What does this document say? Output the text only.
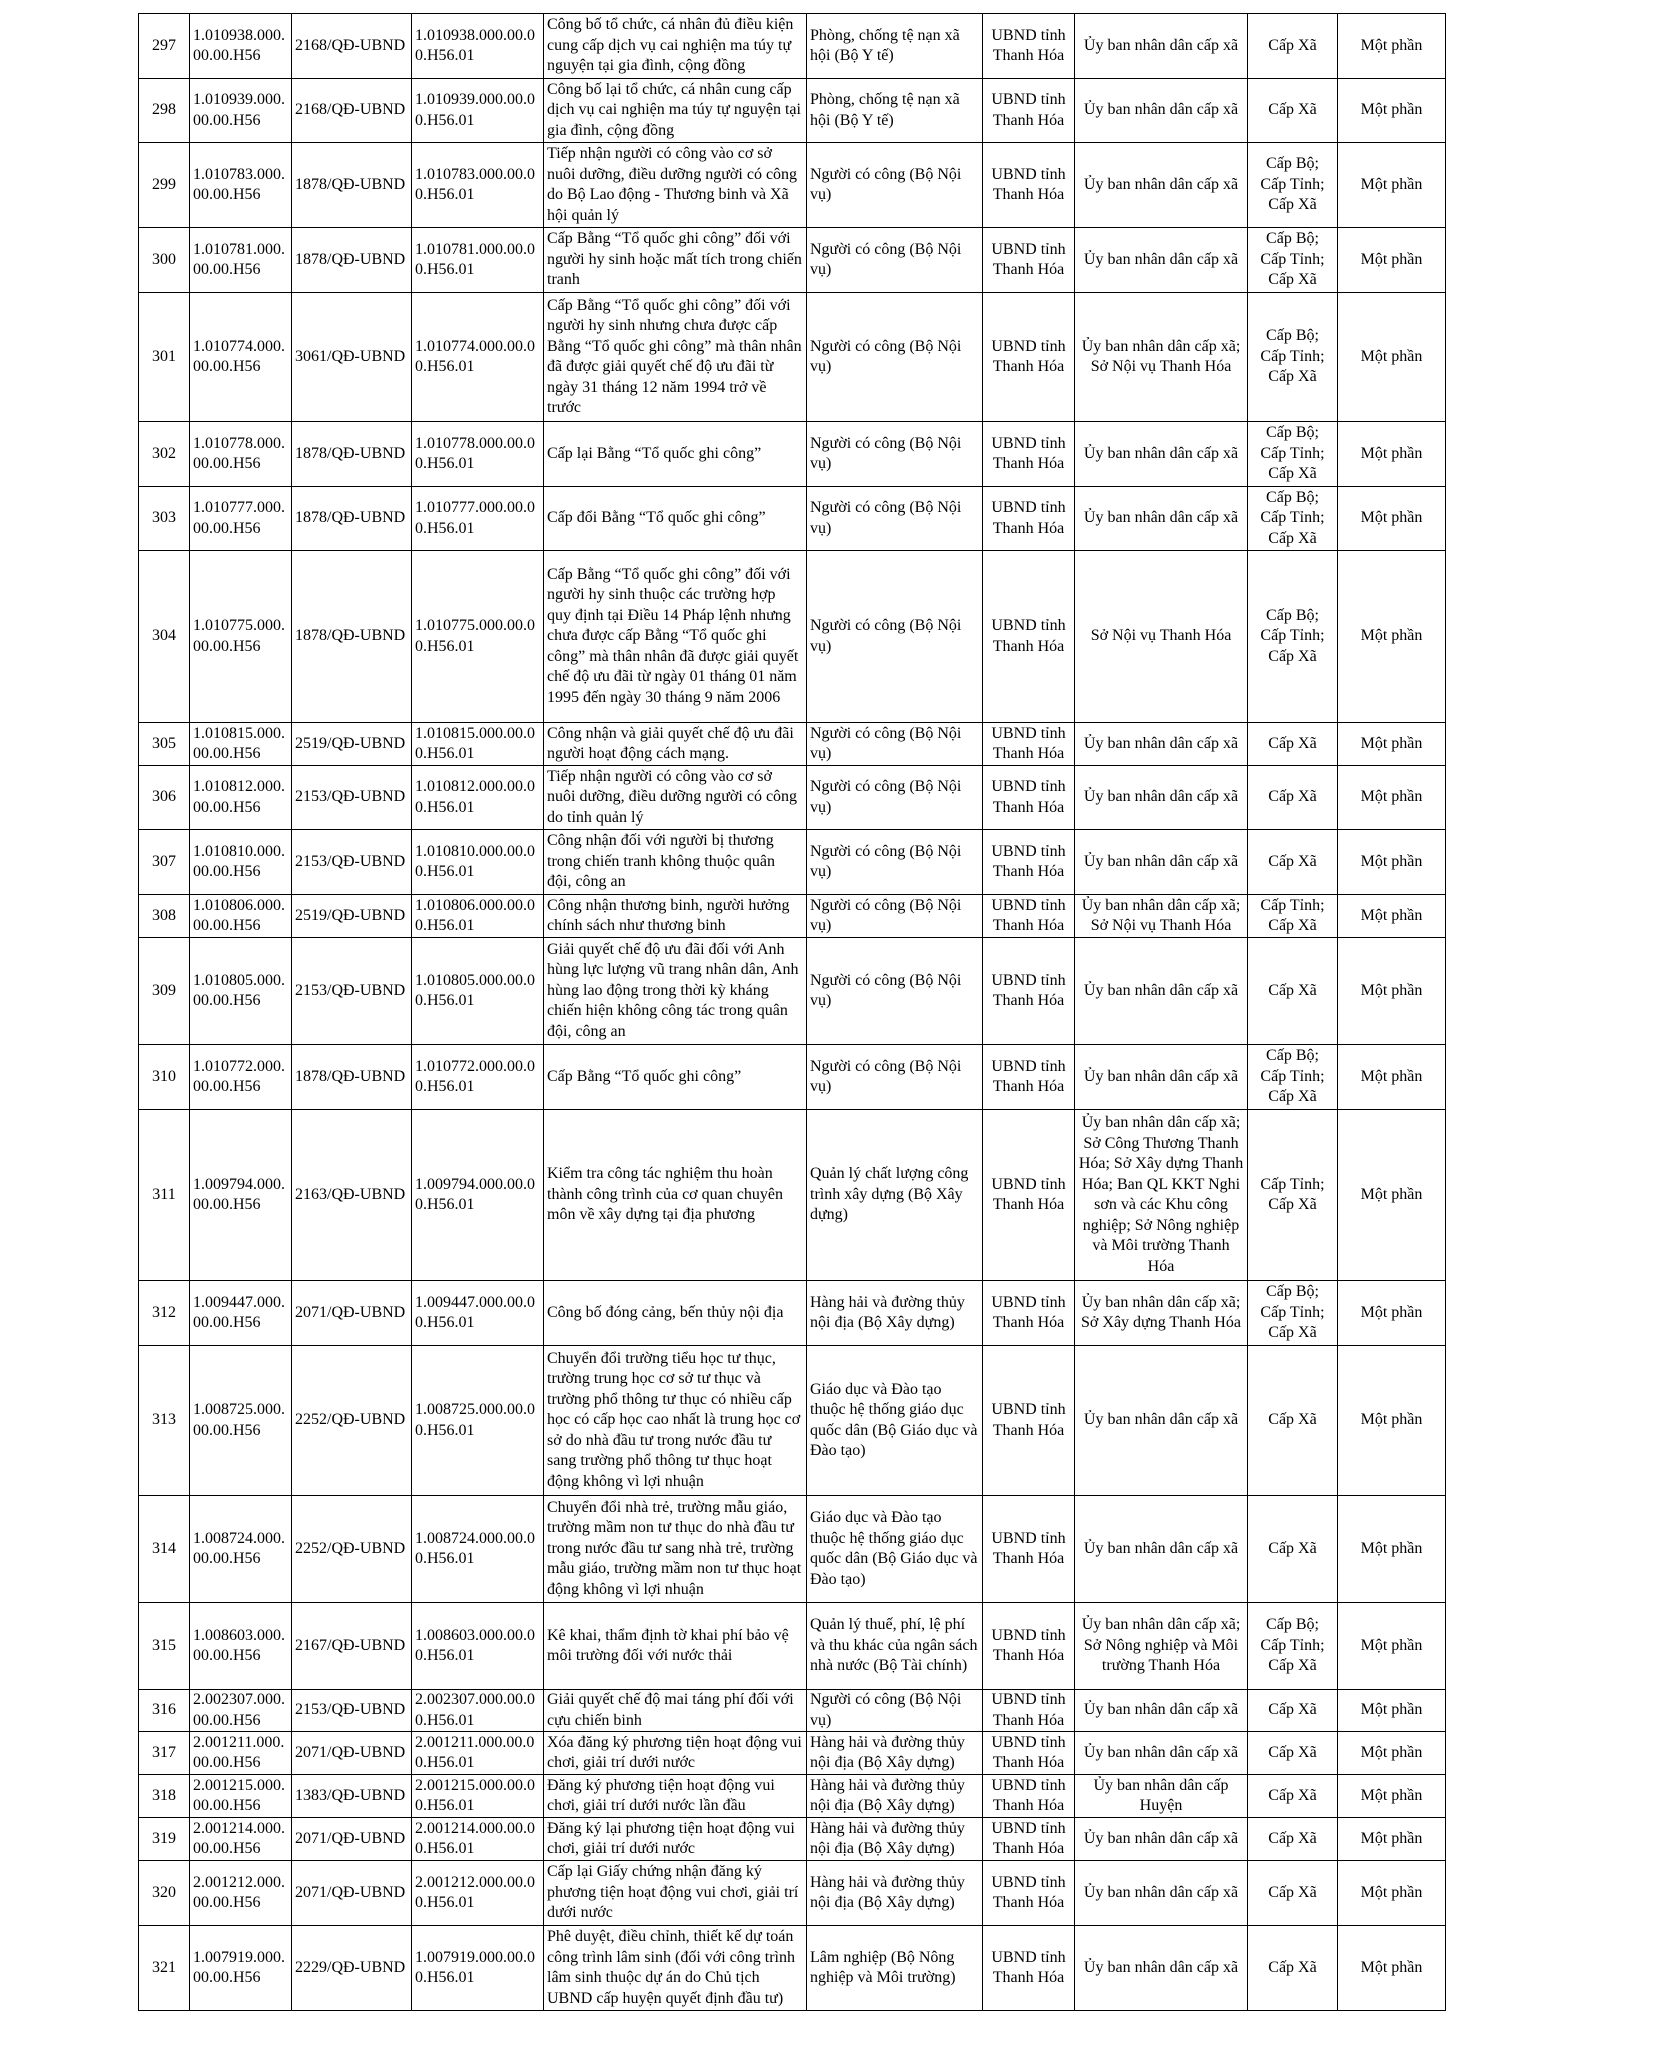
297	1.010938.000.00.00.H56	2168/QĐ-UBND	1.010938.000.00.00.H56.01	Công bố tổ chức, cá nhân đủ điều kiện cung cấp dịch vụ cai nghiện ma túy tự nguyện tại gia đình, cộng đồng	Phòng, chống tệ nạn xã hội (Bộ Y tế)	UBND tỉnh Thanh Hóa	Ủy ban nhân dân cấp xã	Cấp Xã	Một phần
298	1.010939.000.00.00.H56	2168/QĐ-UBND	1.010939.000.00.00.H56.01	Công bố lại tổ chức, cá nhân cung cấp dịch vụ cai nghiện ma túy tự nguyện tại gia đình, cộng đồng	Phòng, chống tệ nạn xã hội (Bộ Y tế)	UBND tỉnh Thanh Hóa	Ủy ban nhân dân cấp xã	Cấp Xã	Một phần
299	1.010783.000.00.00.H56	1878/QĐ-UBND	1.010783.000.00.00.H56.01	Tiếp nhận người có công vào cơ sở nuôi dưỡng, điều dưỡng người có công do Bộ Lao động - Thương binh và Xã hội quản lý	Người có công (Bộ Nội vụ)	UBND tỉnh Thanh Hóa	Ủy ban nhân dân cấp xã	Cấp Bộ; Cấp Tỉnh; Cấp Xã	Một phần
300	1.010781.000.00.00.H56	1878/QĐ-UBND	1.010781.000.00.00.H56.01	Cấp Bằng “Tổ quốc ghi công” đối với người hy sinh hoặc mất tích trong chiến tranh	Người có công (Bộ Nội vụ)	UBND tỉnh Thanh Hóa	Ủy ban nhân dân cấp xã	Cấp Bộ; Cấp Tỉnh; Cấp Xã	Một phần
301	1.010774.000.00.00.H56	3061/QĐ-UBND	1.010774.000.00.00.H56.01	Cấp Bằng “Tổ quốc ghi công” đối với người hy sinh nhưng chưa được cấp Bằng “Tổ quốc ghi công” mà thân nhân đã được giải quyết chế độ ưu đãi từ ngày 31 tháng 12 năm 1994 trở về trước	Người có công (Bộ Nội vụ)	UBND tỉnh Thanh Hóa	Ủy ban nhân dân cấp xã; Sở Nội vụ Thanh Hóa	Cấp Bộ; Cấp Tỉnh; Cấp Xã	Một phần
302	1.010778.000.00.00.H56	1878/QĐ-UBND	1.010778.000.00.00.H56.01	Cấp lại Bằng “Tổ quốc ghi công”	Người có công (Bộ Nội vụ)	UBND tỉnh Thanh Hóa	Ủy ban nhân dân cấp xã	Cấp Bộ; Cấp Tỉnh; Cấp Xã	Một phần
303	1.010777.000.00.00.H56	1878/QĐ-UBND	1.010777.000.00.00.H56.01	Cấp đổi Bằng “Tổ quốc ghi công”	Người có công (Bộ Nội vụ)	UBND tỉnh Thanh Hóa	Ủy ban nhân dân cấp xã	Cấp Bộ; Cấp Tỉnh; Cấp Xã	Một phần
304	1.010775.000.00.00.H56	1878/QĐ-UBND	1.010775.000.00.00.H56.01	Cấp Bằng “Tổ quốc ghi công” đối với người hy sinh thuộc các trường hợp quy định tại Điều 14 Pháp lệnh nhưng chưa được cấp Bằng “Tổ quốc ghi công” mà thân nhân đã được giải quyết chế độ ưu đãi từ ngày 01 tháng 01 năm 1995 đến ngày 30 tháng 9 năm 2006	Người có công (Bộ Nội vụ)	UBND tỉnh Thanh Hóa	Sở Nội vụ Thanh Hóa	Cấp Bộ; Cấp Tỉnh; Cấp Xã	Một phần
305	1.010815.000.00.00.H56	2519/QĐ-UBND	1.010815.000.00.00.H56.01	Công nhận và giải quyết chế độ ưu đãi người hoạt động cách mạng.	Người có công (Bộ Nội vụ)	UBND tỉnh Thanh Hóa	Ủy ban nhân dân cấp xã	Cấp Xã	Một phần
306	1.010812.000.00.00.H56	2153/QĐ-UBND	1.010812.000.00.00.H56.01	Tiếp nhận người có công vào cơ sở nuôi dưỡng, điều dưỡng người có công do tỉnh quản lý	Người có công (Bộ Nội vụ)	UBND tỉnh Thanh Hóa	Ủy ban nhân dân cấp xã	Cấp Xã	Một phần
307	1.010810.000.00.00.H56	2153/QĐ-UBND	1.010810.000.00.00.H56.01	Công nhận đối với người bị thương trong chiến tranh không thuộc quân đội, công an	Người có công (Bộ Nội vụ)	UBND tỉnh Thanh Hóa	Ủy ban nhân dân cấp xã	Cấp Xã	Một phần
308	1.010806.000.00.00.H56	2519/QĐ-UBND	1.010806.000.00.00.H56.01	Công nhận thương binh, người hưởng chính sách như thương binh	Người có công (Bộ Nội vụ)	UBND tỉnh Thanh Hóa	Ủy ban nhân dân cấp xã; Sở Nội vụ Thanh Hóa	Cấp Tỉnh; Cấp Xã	Một phần
309	1.010805.000.00.00.H56	2153/QĐ-UBND	1.010805.000.00.00.H56.01	Giải quyết chế độ ưu đãi đối với Anh hùng lực lượng vũ trang nhân dân, Anh hùng lao động trong thời kỳ kháng chiến hiện không công tác trong quân đội, công an	Người có công (Bộ Nội vụ)	UBND tỉnh Thanh Hóa	Ủy ban nhân dân cấp xã	Cấp Xã	Một phần
310	1.010772.000.00.00.H56	1878/QĐ-UBND	1.010772.000.00.00.H56.01	Cấp Bằng “Tổ quốc ghi công”	Người có công (Bộ Nội vụ)	UBND tỉnh Thanh Hóa	Ủy ban nhân dân cấp xã	Cấp Bộ; Cấp Tỉnh; Cấp Xã	Một phần
311	1.009794.000.00.00.H56	2163/QĐ-UBND	1.009794.000.00.00.H56.01	Kiểm tra công tác nghiệm thu hoàn thành công trình của cơ quan chuyên môn về xây dựng tại địa phương	Quản lý chất lượng công trình xây dựng (Bộ Xây dựng)	UBND tỉnh Thanh Hóa	Ủy ban nhân dân cấp xã; Sở Công Thương Thanh Hóa; Sở Xây dựng Thanh Hóa; Ban QL KKT Nghi sơn và các Khu công nghiệp; Sở Nông nghiệp và Môi trường Thanh Hóa	Cấp Tỉnh; Cấp Xã	Một phần
312	1.009447.000.00.00.H56	2071/QĐ-UBND	1.009447.000.00.00.H56.01	Công bố đóng cảng, bến thủy nội địa	Hàng hải và đường thủy nội địa (Bộ Xây dựng)	UBND tỉnh Thanh Hóa	Ủy ban nhân dân cấp xã; Sở Xây dựng Thanh Hóa	Cấp Bộ; Cấp Tỉnh; Cấp Xã	Một phần
313	1.008725.000.00.00.H56	2252/QĐ-UBND	1.008725.000.00.00.H56.01	Chuyển đổi trường tiểu học tư thục, trường trung học cơ sở tư thục và trường phổ thông tư thục có nhiều cấp học có cấp học cao nhất là trung học cơ sở do nhà đầu tư trong nước đầu tư sang trường phổ thông tư thục hoạt động không vì lợi nhuận	Giáo dục và Đào tạo thuộc hệ thống giáo dục quốc dân (Bộ Giáo dục và Đào tạo)	UBND tỉnh Thanh Hóa	Ủy ban nhân dân cấp xã	Cấp Xã	Một phần
314	1.008724.000.00.00.H56	2252/QĐ-UBND	1.008724.000.00.00.H56.01	Chuyển đổi nhà trẻ, trường mẫu giáo, trường mầm non tư thục do nhà đầu tư trong nước đầu tư sang nhà trẻ, trường mẫu giáo, trường mầm non tư thục hoạt động không vì lợi nhuận	Giáo dục và Đào tạo thuộc hệ thống giáo dục quốc dân (Bộ Giáo dục và Đào tạo)	UBND tỉnh Thanh Hóa	Ủy ban nhân dân cấp xã	Cấp Xã	Một phần
315	1.008603.000.00.00.H56	2167/QĐ-UBND	1.008603.000.00.00.H56.01	Kê khai, thẩm định tờ khai phí bảo vệ môi trường đối với nước thải	Quản lý thuế, phí, lệ phí và thu khác của ngân sách nhà nước (Bộ Tài chính)	UBND tỉnh Thanh Hóa	Ủy ban nhân dân cấp xã; Sở Nông nghiệp và Môi trường Thanh Hóa	Cấp Bộ; Cấp Tỉnh; Cấp Xã	Một phần
316	2.002307.000.00.00.H56	2153/QĐ-UBND	2.002307.000.00.00.H56.01	Giải quyết chế độ mai táng phí đối với cựu chiến binh	Người có công (Bộ Nội vụ)	UBND tỉnh Thanh Hóa	Ủy ban nhân dân cấp xã	Cấp Xã	Một phần
317	2.001211.000.00.00.H56	2071/QĐ-UBND	2.001211.000.00.00.H56.01	Xóa đăng ký phương tiện hoạt động vui chơi, giải trí dưới nước	Hàng hải và đường thủy nội địa (Bộ Xây dựng)	UBND tỉnh Thanh Hóa	Ủy ban nhân dân cấp xã	Cấp Xã	Một phần
318	2.001215.000.00.00.H56	1383/QĐ-UBND	2.001215.000.00.00.H56.01	Đăng ký phương tiện hoạt động vui chơi, giải trí dưới nước lần đầu	Hàng hải và đường thủy nội địa (Bộ Xây dựng)	UBND tỉnh Thanh Hóa	Ủy ban nhân dân cấp Huyện	Cấp Xã	Một phần
319	2.001214.000.00.00.H56	2071/QĐ-UBND	2.001214.000.00.00.H56.01	Đăng ký lại phương tiện hoạt động vui chơi, giải trí dưới nước	Hàng hải và đường thủy nội địa (Bộ Xây dựng)	UBND tỉnh Thanh Hóa	Ủy ban nhân dân cấp xã	Cấp Xã	Một phần
320	2.001212.000.00.00.H56	2071/QĐ-UBND	2.001212.000.00.00.H56.01	Cấp lại Giấy chứng nhận đăng ký phương tiện hoạt động vui chơi, giải trí dưới nước	Hàng hải và đường thủy nội địa (Bộ Xây dựng)	UBND tỉnh Thanh Hóa	Ủy ban nhân dân cấp xã	Cấp Xã	Một phần
321	1.007919.000.00.00.H56	2229/QĐ-UBND	1.007919.000.00.00.H56.01	Phê duyệt, điều chỉnh, thiết kế dự toán công trình lâm sinh (đối với công trình lâm sinh thuộc dự án do Chủ tịch UBND cấp huyện quyết định đầu tư)	Lâm nghiệp (Bộ Nông nghiệp và Môi trường)	UBND tỉnh Thanh Hóa	Ủy ban nhân dân cấp xã	Cấp Xã	Một phần
